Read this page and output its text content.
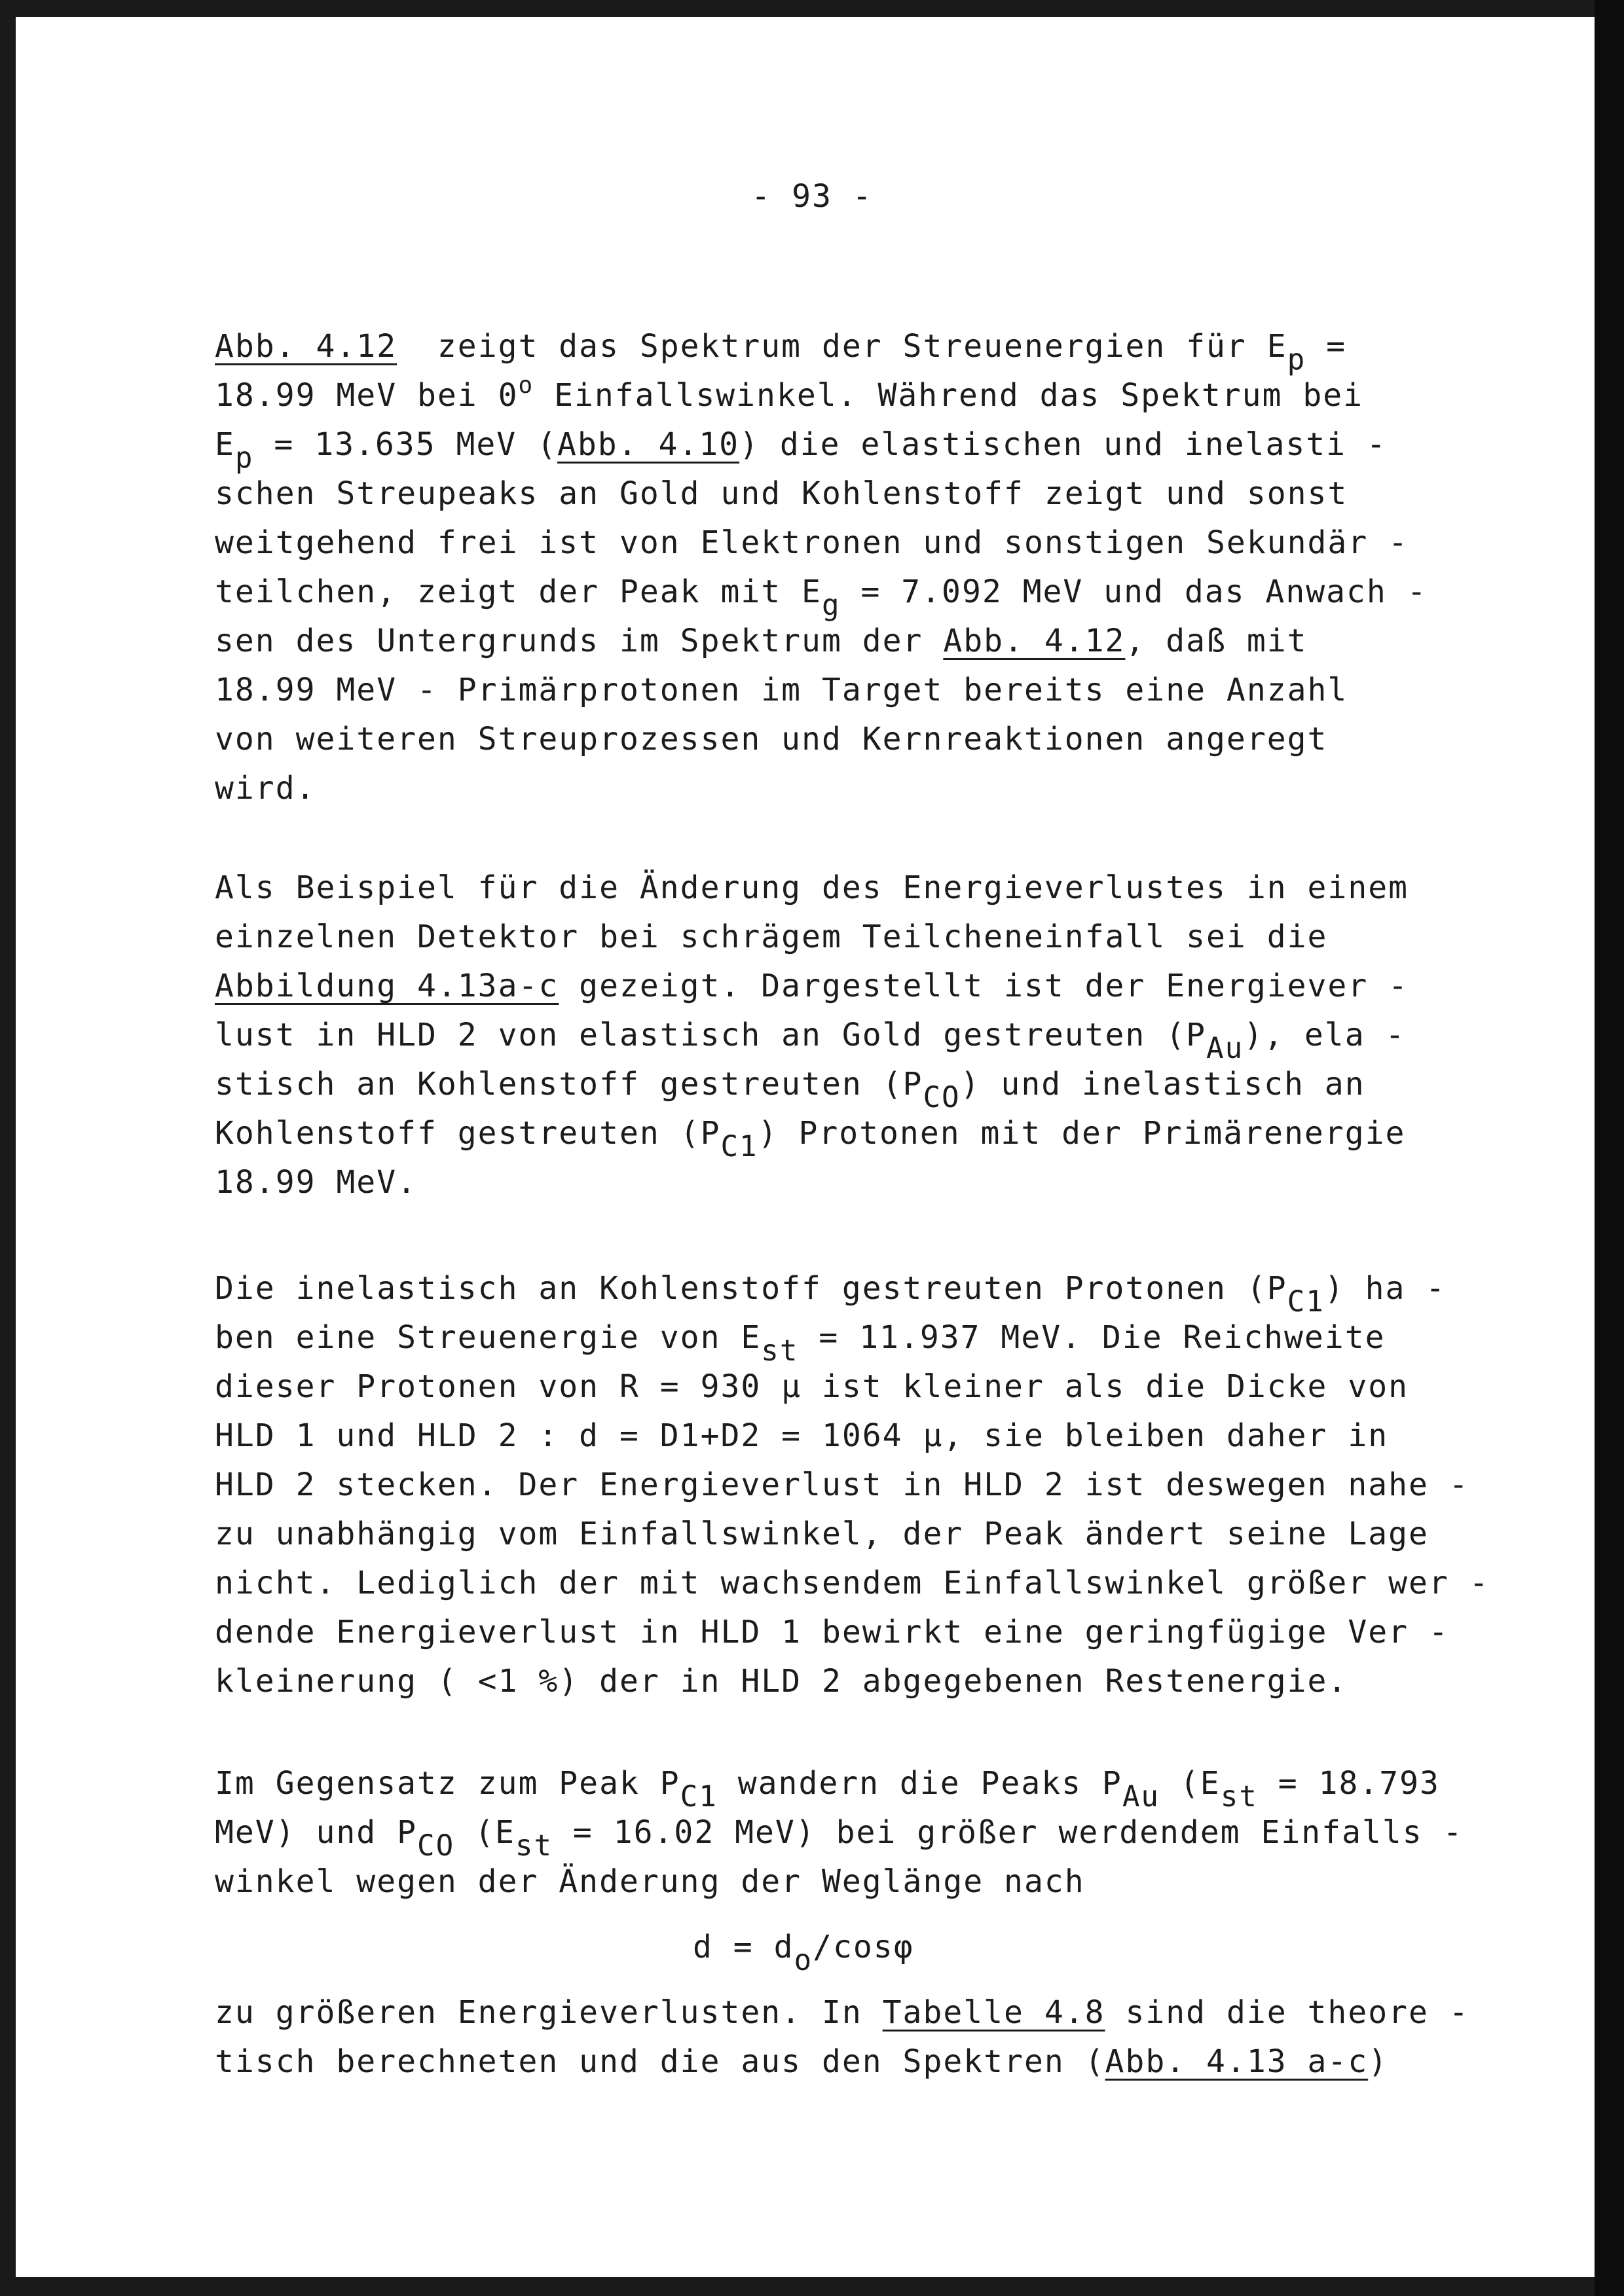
- 93 -
Abb. 4.12  zeigt das Spektrum der Streuenergien für Ep =
18.99 MeV bei 0$^o$ Einfallswinkel. Während das Spektrum bei
Ep = 13.635 MeV (Abb. 4.10) die elastischen und inelasti -
schen Streupeaks an Gold und Kohlenstoff zeigt und sonst
weitgehend frei ist von Elektronen und sonstigen Sekundär -
teilchen, zeigt der Peak mit Eg = 7.092 MeV und das Anwach -
sen des Untergrunds im Spektrum der Abb. 4.12, daß mit
18.99 MeV - Primärprotonen im Target bereits eine Anzahl
von weiteren Streuprozessen und Kernreaktionen angeregt
wird.
Als Beispiel für die Änderung des Energieverlustes in einem
einzelnen Detektor bei schrägem Teilcheneinfall sei die
Abbildung 4.13a-c gezeigt. Dargestellt ist der Energiever -
lust in HLD 2 von elastisch an Gold gestreuten (PAu), ela -
stisch an Kohlenstoff gestreuten (PCO) und inelastisch an
Kohlenstoff gestreuten (PC1) Protonen mit der Primärenergie
18.99 MeV.
Die inelastisch an Kohlenstoff gestreuten Protonen (PC1) ha -
ben eine Streuenergie von Est = 11.937 MeV. Die Reichweite
dieser Protonen von R = 930 µ ist kleiner als die Dicke von
HLD 1 und HLD 2 : d = D1+D2 = 1064 µ, sie bleiben daher in
HLD 2 stecken. Der Energieverlust in HLD 2 ist deswegen nahe -
zu unabhängig vom Einfallswinkel, der Peak ändert seine Lage
nicht. Lediglich der mit wachsendem Einfallswinkel größer wer -
dende Energieverlust in HLD 1 bewirkt eine geringfügige Ver -
kleinerung ( <1 %) der in HLD 2 abgegebenen Restenergie.
Im Gegensatz zum Peak PC1 wandern die Peaks PAu (Est = 18.793
MeV) und PCO (Est = 16.02 MeV) bei größer werdendem Einfalls -
winkel wegen der Änderung der Weglänge nach
d = do/cosφ
zu größeren Energieverlusten. In Tabelle 4.8 sind die theore -
tisch berechneten und die aus den Spektren (Abb. 4.13 a-c)
